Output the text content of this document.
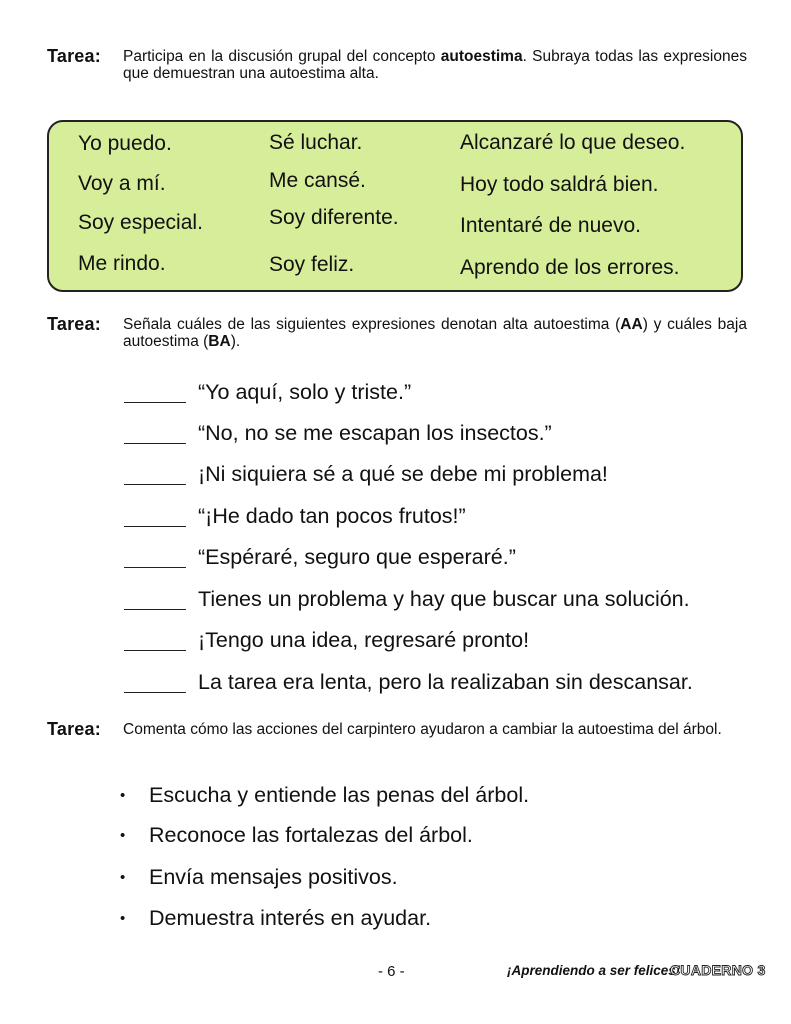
Tarea: Participa en la discusión grupal del concepto autoestima. Subraya todas las expresiones que demuestran una autoestima alta.
Yo puedo.
Voy a mí.
Soy especial.
Me rindo.
Sé luchar.
Me cansé.
Soy diferente.
Soy feliz.
Alcanzaré lo que deseo.
Hoy todo saldrá bien.
Intentaré de nuevo.
Aprendo de los errores.
Tarea: Señala cuáles de las siguientes expresiones denotan alta autoestima (AA) y cuáles baja autoestima (BA).
“Yo aquí, solo y triste.”
“No, no se me escapan los insectos.”
¡Ni siquiera sé a qué se debe mi problema!
“¡He dado tan pocos frutos!”
“Espéraré, seguro que esperaré.”
Tienes un problema y hay que buscar una solución.
¡Tengo una idea, regresaré pronto!
La tarea era lenta, pero la realizaban sin descansar.
Tarea: Comenta cómo las acciones del carpintero ayudaron a cambiar la autoestima del árbol.
• Escucha y entiende las penas del árbol.
• Reconoce las fortalezas del árbol.
• Envía mensajes positivos.
• Demuestra interés en ayudar.
- 6 -	¡Aprendiendo a ser felices!
CUADERNO 3
